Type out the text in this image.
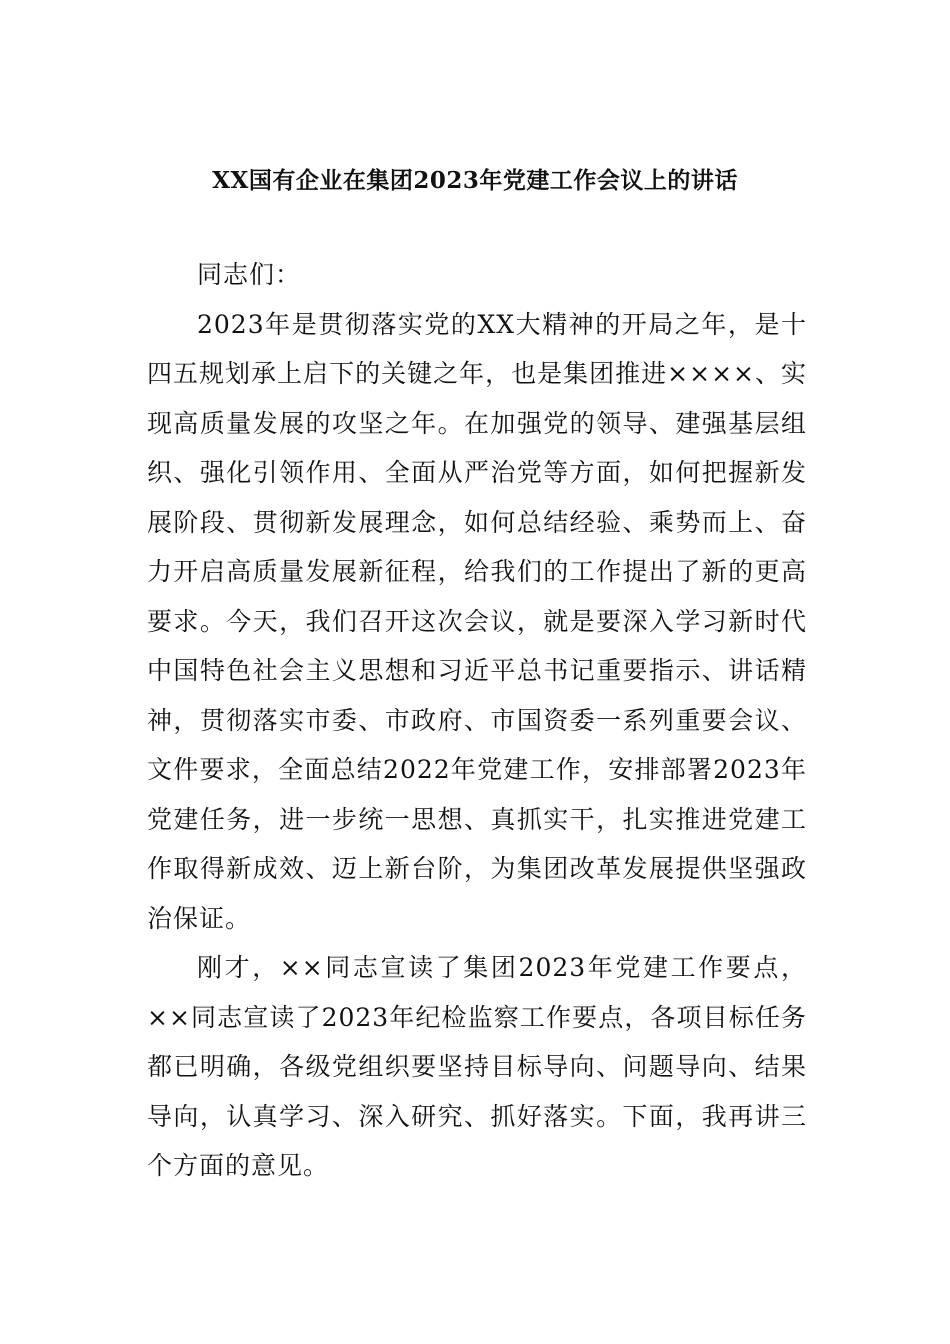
XX国有企业在集团2023年党建工作会议上的讲话

同志们：

2023年是贯彻落实党的XX大精神的开局之年，是十四五规划承上启下的关键之年，也是集团推进××××、实现高质量发展的攻坚之年。在加强党的领导、建强基层组织、强化引领作用、全面从严治党等方面，如何把握新发展阶段、贯彻新发展理念，如何总结经验、乘势而上、奋力开启高质量发展新征程，给我们的工作提出了新的更高要求。今天，我们召开这次会议，就是要深入学习新时代中国特色社会主义思想和习近平总书记重要指示、讲话精神，贯彻落实市委、市政府、市国资委一系列重要会议、文件要求，全面总结2022年党建工作，安排部署2023年党建任务，进一步统一思想、真抓实干，扎实推进党建工作取得新成效、迈上新台阶，为集团改革发展提供坚强政治保证。

刚才，××同志宣读了集团2023年党建工作要点，××同志宣读了2023年纪检监察工作要点，各项目标任务都已明确，各级党组织要坚持目标导向、问题导向、结果导向，认真学习、深入研究、抓好落实。下面，我再讲三个方面的意见。
